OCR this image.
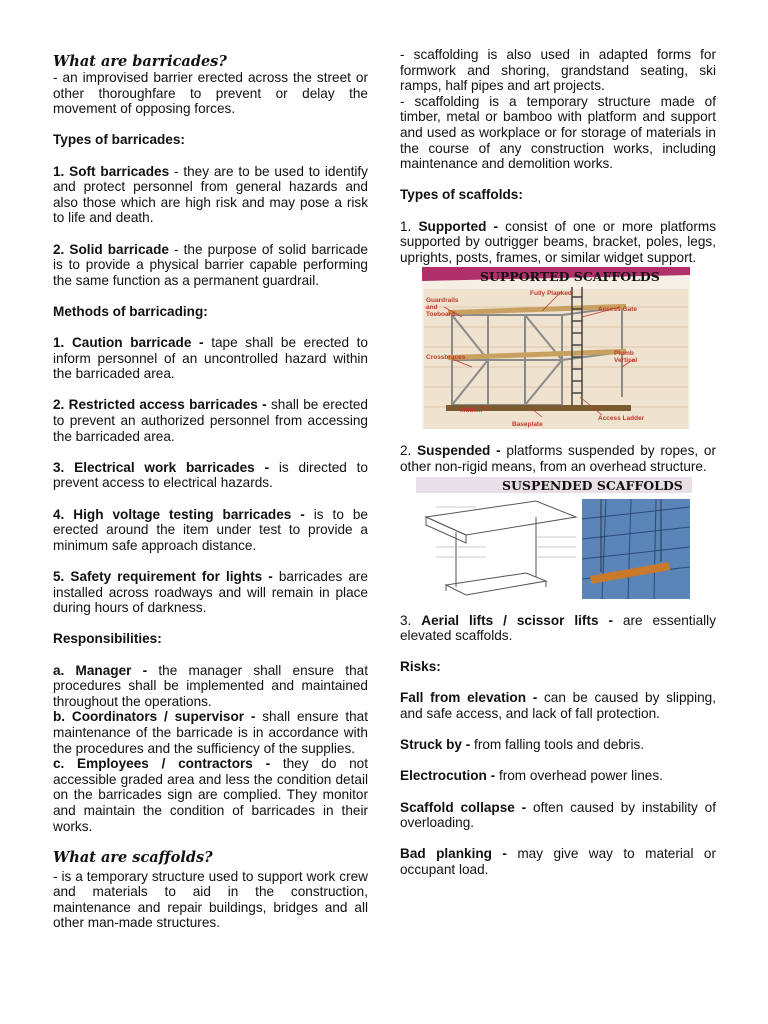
What are barricades?

- an improvised barrier erected across the street or other thoroughfare to prevent or delay the movement of opposing forces.

Types of barricades:

1. Soft barricades - they are to be used to identify and protect personnel from general hazards and also those which are high risk and may pose a risk to life and death.

2. Solid barricade - the purpose of solid barricade is to provide a physical barrier capable performing the same function as a permanent guardrail.

Methods of barricading:

1. Caution barricade - tape shall be erected to inform personnel of an uncontrolled hazard within the barricaded area.

2. Restricted access barricades - shall be erected to prevent an authorized personnel from accessing the barricaded area.

3. Electrical work barricades - is directed to prevent access to electrical hazards.

4. High voltage testing barricades - is to be erected around the item under test to provide a minimum safe approach distance.

5. Safety requirement for lights - barricades are installed across roadways and will remain in place during hours of darkness.

Responsibilities:

a. Manager - the manager shall ensure that procedures shall be implemented and maintained throughout the operations.

b. Coordinators / supervisor - shall ensure that maintenance of the barricade is in accordance with the procedures and the sufficiency of the supplies.

c. Employees / contractors - they do not accessible graded area and less the condition detail on the barricades sign are complied. They monitor and maintain the condition of barricades in their works.

What are scaffolds?

- is a temporary structure used to support work crew and materials to aid in the construction, maintenance and repair buildings, bridges and all other man-made structures.

- scaffolding is also used in adapted forms for formwork and shoring, grandstand seating, ski ramps, half pipes and art projects.

- scaffolding is a temporary structure made of timber, metal or bamboo with platform and support and used as workplace or for storage of materials in the course of any construction works, including maintenance and demolition works.

Types of scaffolds:

1. Supported - consist of one or more platforms supported by outrigger beams, bracket, poles, legs, uprights, posts, frames, or similar widget support.

SUPPORTED SCAFFOLDS
Guardrails and Toeboard
Fully Planked
Access Gate
Crossbraces
Plumb Vertical
Mudsill
Baseplate
Access Ladder

2. Suspended - platforms suspended by ropes, or other non-rigid means, from an overhead structure.

SUSPENDED SCAFFOLDS

3. Aerial lifts / scissor lifts - are essentially elevated scaffolds.

Risks:

Fall from elevation - can be caused by slipping, and safe access, and lack of fall protection.

Struck by - from falling tools and debris.

Electrocution - from overhead power lines.

Scaffold collapse - often caused by instability of overloading.

Bad planking - may give way to material or occupant load.
